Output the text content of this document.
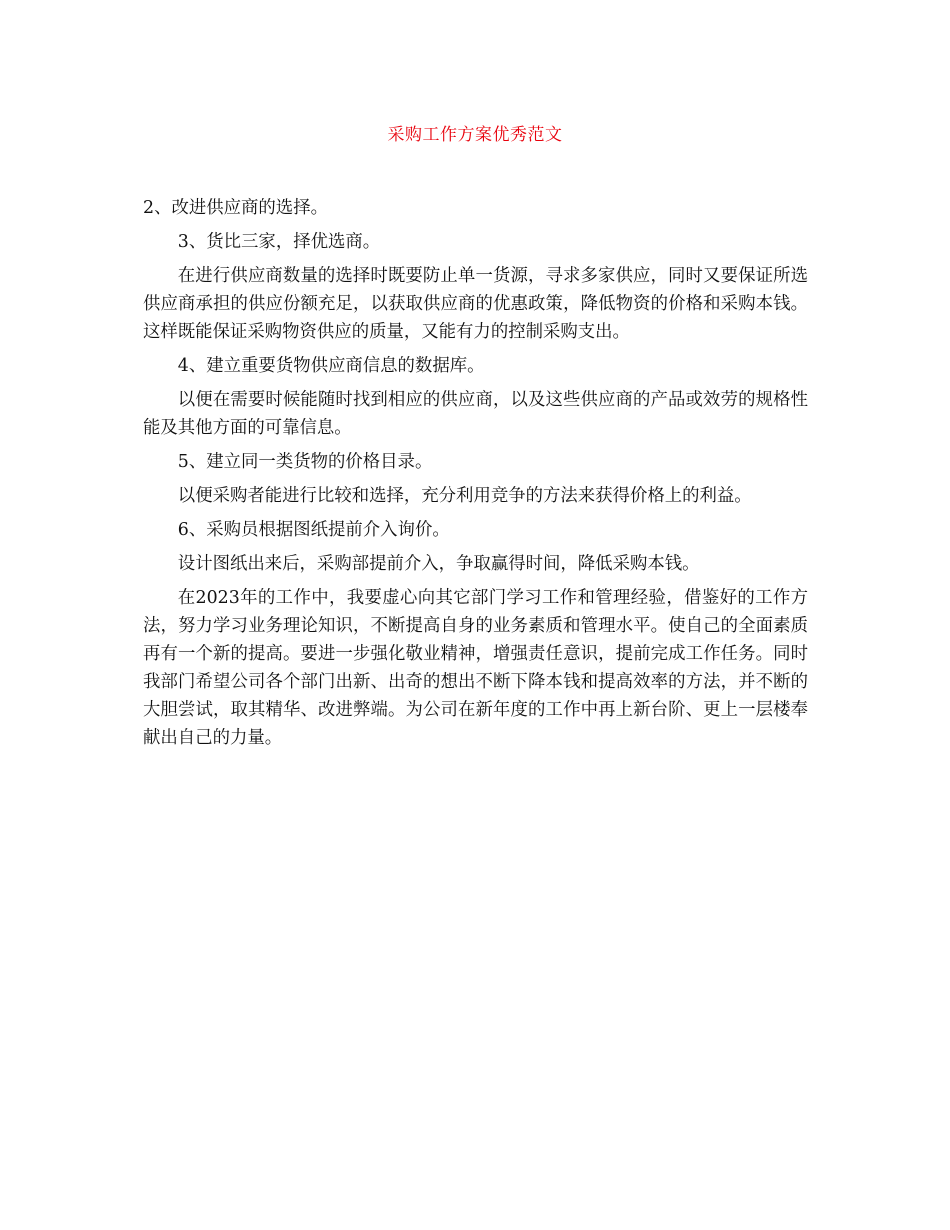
采购工作方案优秀范文

2、改进供应商的选择。

3、货比三家，择优选商。

在进行供应商数量的选择时既要防止单一货源，寻求多家供应，同时又要保证所选供应商承担的供应份额充足，以获取供应商的优惠政策，降低物资的价格和采购本钱。这样既能保证采购物资供应的质量，又能有力的控制采购支出。

4、建立重要货物供应商信息的数据库。

以便在需要时候能随时找到相应的供应商，以及这些供应商的产品或效劳的规格性能及其他方面的可靠信息。

5、建立同一类货物的价格目录。

以便采购者能进行比较和选择，充分利用竞争的方法来获得价格上的利益。

6、采购员根据图纸提前介入询价。

设计图纸出来后，采购部提前介入，争取赢得时间，降低采购本钱。

在2023年的工作中，我要虚心向其它部门学习工作和管理经验，借鉴好的工作方法，努力学习业务理论知识，不断提高自身的业务素质和管理水平。使自己的全面素质再有一个新的提高。要进一步强化敬业精神，增强责任意识，提前完成工作任务。同时我部门希望公司各个部门出新、出奇的想出不断下降本钱和提高效率的方法，并不断的大胆尝试，取其精华、改进弊端。为公司在新年度的工作中再上新台阶、更上一层楼奉献出自己的力量。
